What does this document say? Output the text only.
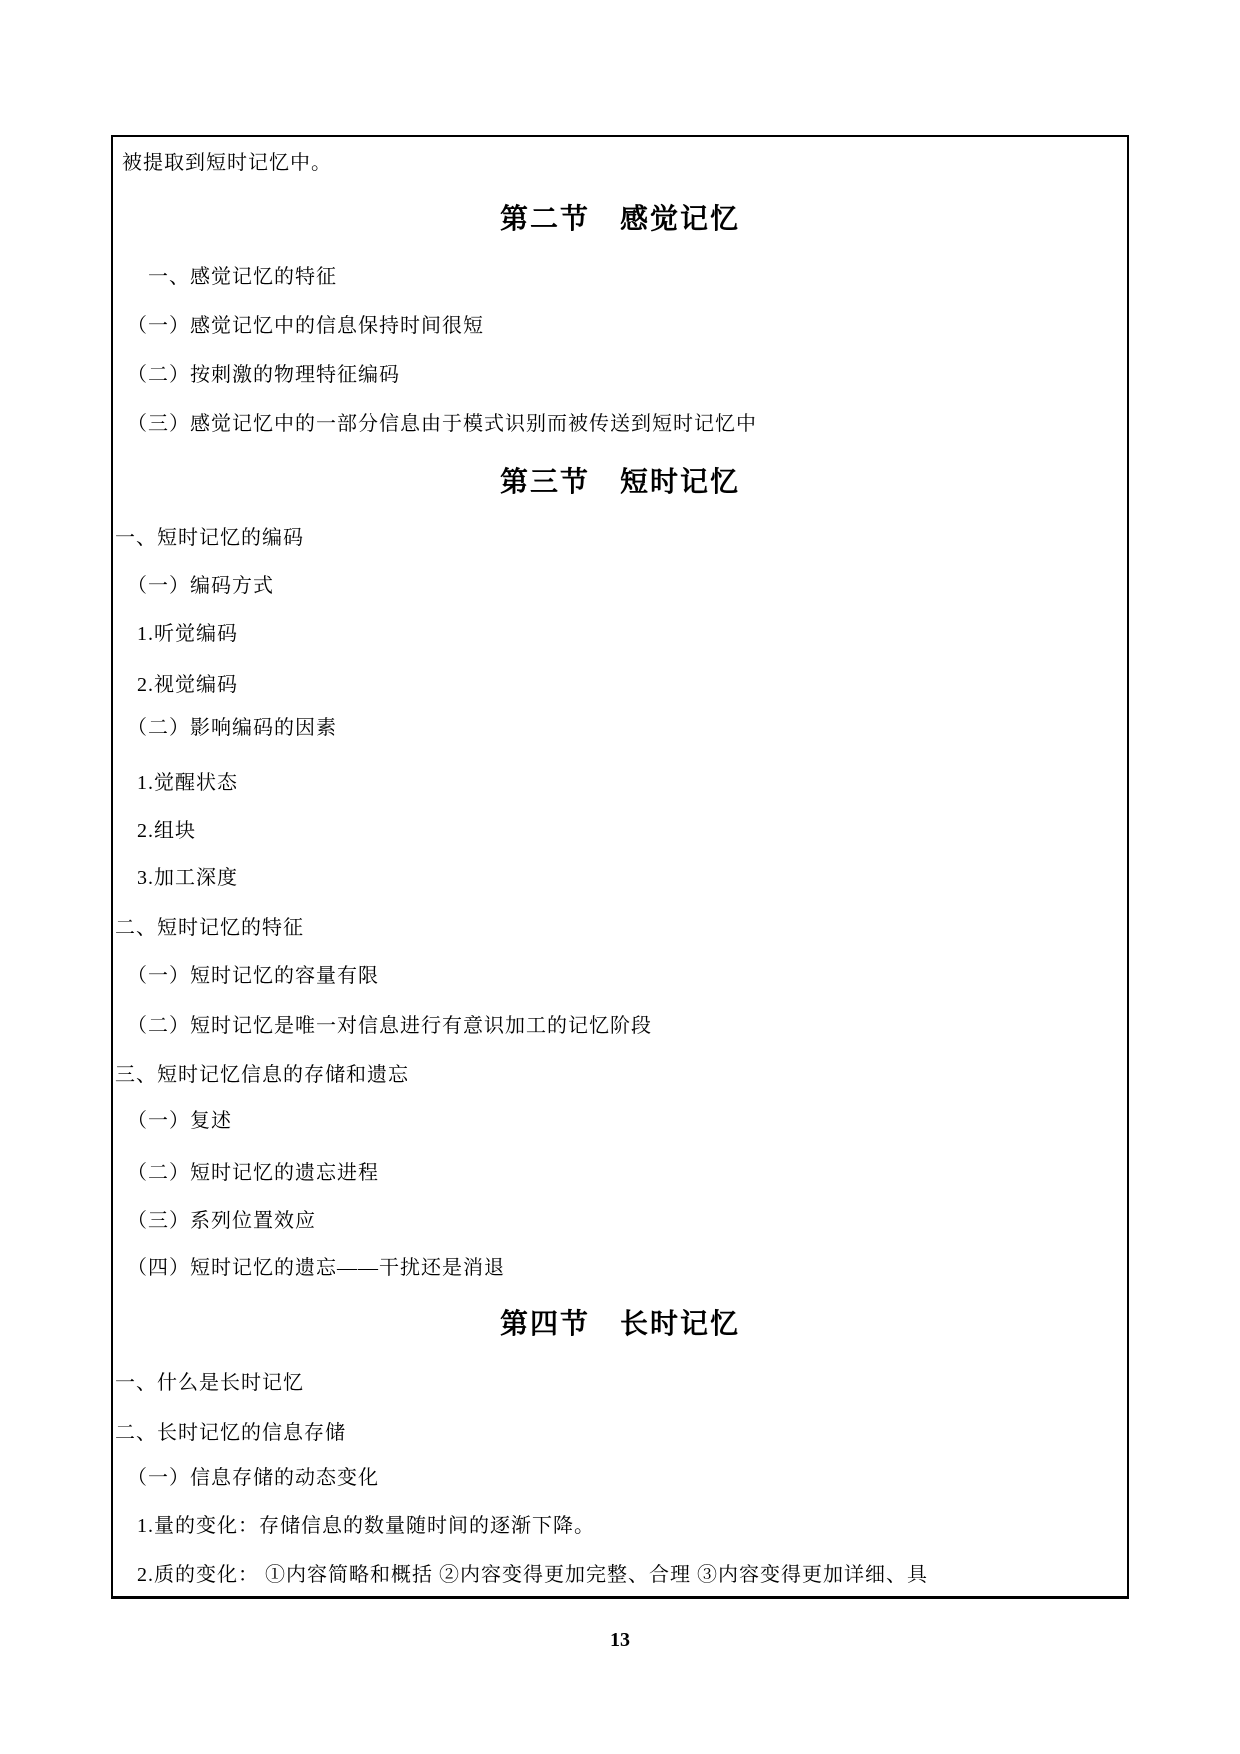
被提取到短时记忆中。
第二节　感觉记忆
一、感觉记忆的特征
（一）感觉记忆中的信息保持时间很短
（二）按刺激的物理特征编码
（三）感觉记忆中的一部分信息由于模式识别而被传送到短时记忆中
第三节　短时记忆
一、短时记忆的编码
（一）编码方式
1.听觉编码
2.视觉编码
（二）影响编码的因素
1.觉醒状态
2.组块
3.加工深度
二、短时记忆的特征
（一）短时记忆的容量有限
（二）短时记忆是唯一对信息进行有意识加工的记忆阶段
三、短时记忆信息的存储和遗忘
（一）复述
（二）短时记忆的遗忘进程
（三）系列位置效应
（四）短时记忆的遗忘——干扰还是消退
第四节　长时记忆
一、什么是长时记忆
二、长时记忆的信息存储
（一）信息存储的动态变化
1.量的变化：存储信息的数量随时间的逐渐下降。
2.质的变化： ①内容简略和概括 ②内容变得更加完整、合理 ③内容变得更加详细、具
13
